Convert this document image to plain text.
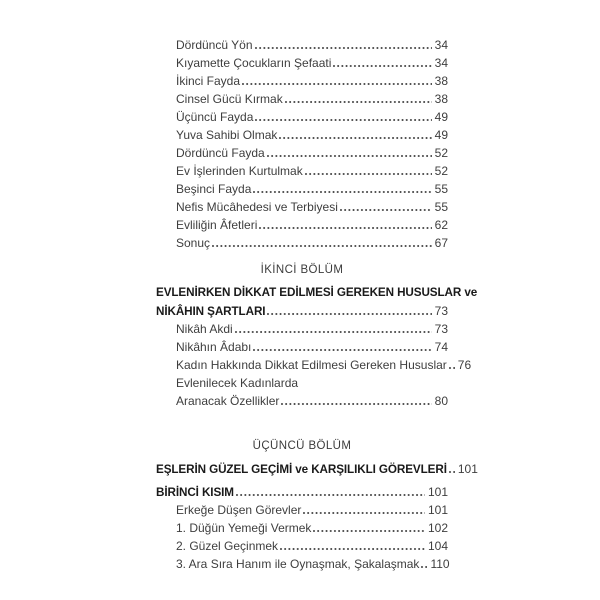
Dördüncü Yön	34
Kıyamette Çocukların Şefaati	34
İkinci Fayda	38
Cinsel Gücü Kırmak	38
Üçüncü Fayda	49
Yuva Sahibi Olmak	49
Dördüncü Fayda	52
Ev İşlerinden Kurtulmak	52
Beşinci Fayda	55
Nefis Mücâhedesi ve Terbiyesi	55
Evliliğin Âfetleri	62
Sonuç	67
İKİNCİ BÖLÜM
EVLENİRKEN DİKKAT EDİLMESİ GEREKEN HUSUSLAR ve
NİKÂHIN ŞARTLARI	73
Nikâh Akdi	73
Nikâhın Âdabı	74
Kadın Hakkında Dikkat Edilmesi Gereken Hususlar 76
Evlenilecek Kadınlarda
Aranacak Özellikler	80
ÜÇÜNCÜ BÖLÜM
EŞLERİN GÜZEL GEÇİMİ ve KARŞILIKLI GÖREVLERİ 101
BİRİNCİ KISIM	101
Erkeğe Düşen Görevler	101
1. Düğün Yemeği Vermek	102
2. Güzel Geçinmek	104
3. Ara Sıra Hanım ile Oynaşmak, Şakalaşmak 110
